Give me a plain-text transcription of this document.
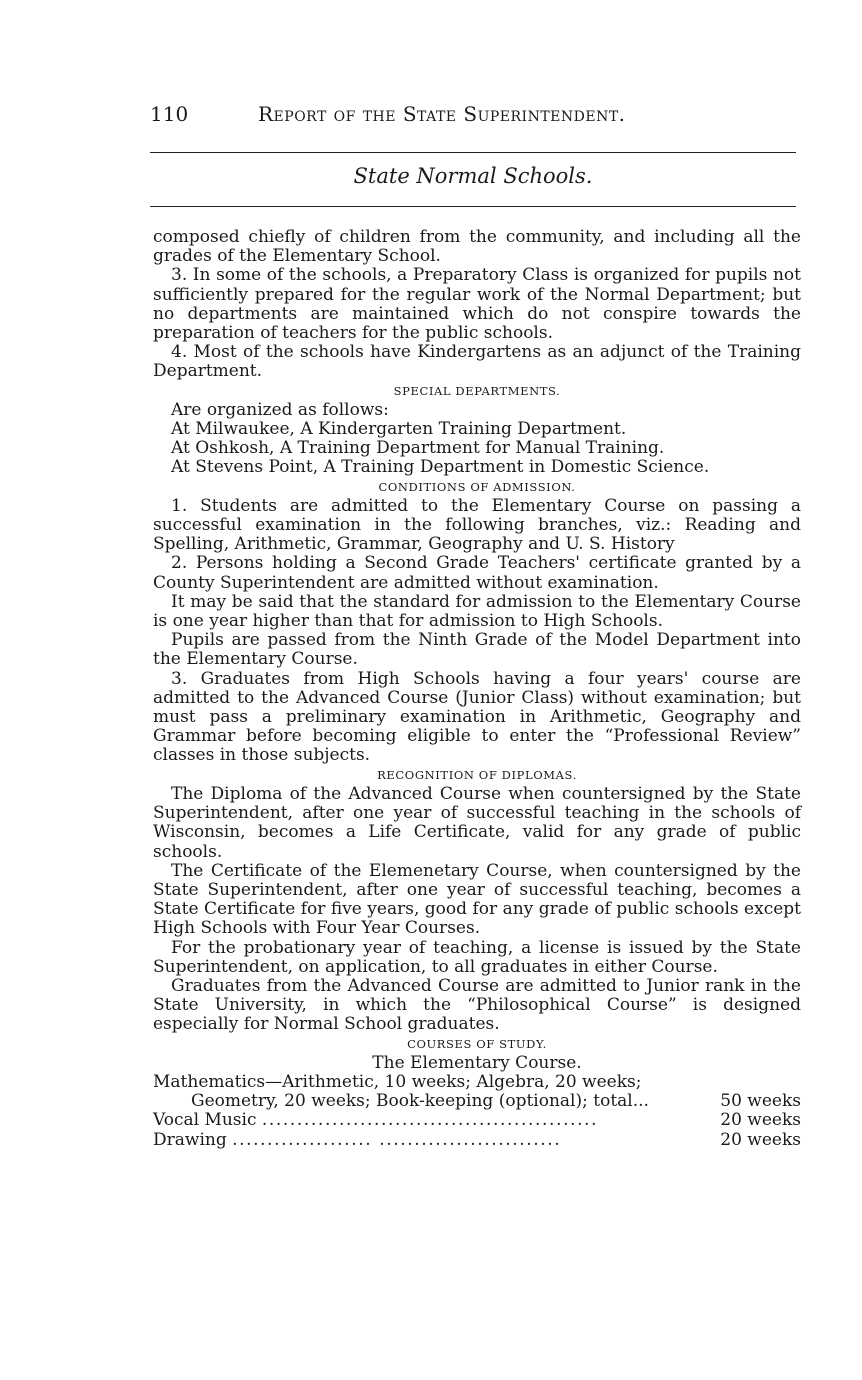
110	Report of the State Superintendent.
State Normal Schools.

composed chiefly of children from the community, and including all the grades of the Elementary School.

3. In some of the schools, a Preparatory Class is organized for pupils not sufficiently prepared for the regular work of the Normal Department; but no departments are maintained which do not conspire towards the preparation of teachers for the public schools.

4. Most of the schools have Kindergartens as an adjunct of the Training Department.

SPECIAL DEPARTMENTS.

Are organized as follows:

At Milwaukee, A Kindergarten Training Department.

At Oshkosh, A Training Department for Manual Training.

At Stevens Point, A Training Department in Domestic Science.

CONDITIONS OF ADMISSION.

1. Students are admitted to the Elementary Course on passing a successful examination in the following branches, viz.: Reading and Spelling, Arithmetic, Grammar, Geography and U. S. History

2. Persons holding a Second Grade Teachers' certificate granted by a County Superintendent are admitted without examination.

It may be said that the standard for admission to the Elementary Course is one year higher than that for admission to High Schools.

Pupils are passed from the Ninth Grade of the Model Department into the Elementary Course.

3. Graduates from High Schools having a four years' course are admitted to the Advanced Course (Junior Class) without examination; but must pass a preliminary examination in Arithmetic, Geography and Grammar before becoming eligible to enter the “Professional Review” classes in those subjects.

RECOGNITION OF DIPLOMAS.

The Diploma of the Advanced Course when countersigned by the State Superintendent, after one year of successful teaching in the schools of Wisconsin, becomes a Life Certificate, valid for any grade of public schools.

The Certificate of the Elemenetary Course, when countersigned by the State Superintendent, after one year of successful teaching, becomes a State Certificate for five years, good for any grade of public schools except High Schools with Four Year Courses.

For the probationary year of teaching, a license is issued by the State Superintendent, on application, to all graduates in either Course.

Graduates from the Advanced Course are admitted to Junior rank in the State University, in which the “Philosophical Course” is designed especially for Normal School graduates.

COURSES OF STUDY.

The Elementary Course.

Mathematics—Arithmetic, 10 weeks; Algebra, 20 weeks;
Geometry, 20 weeks; Book-keeping (optional); total...	50 weeks
Vocal Music ................................................	20 weeks
Drawing .................... ..........................	20 weeks
